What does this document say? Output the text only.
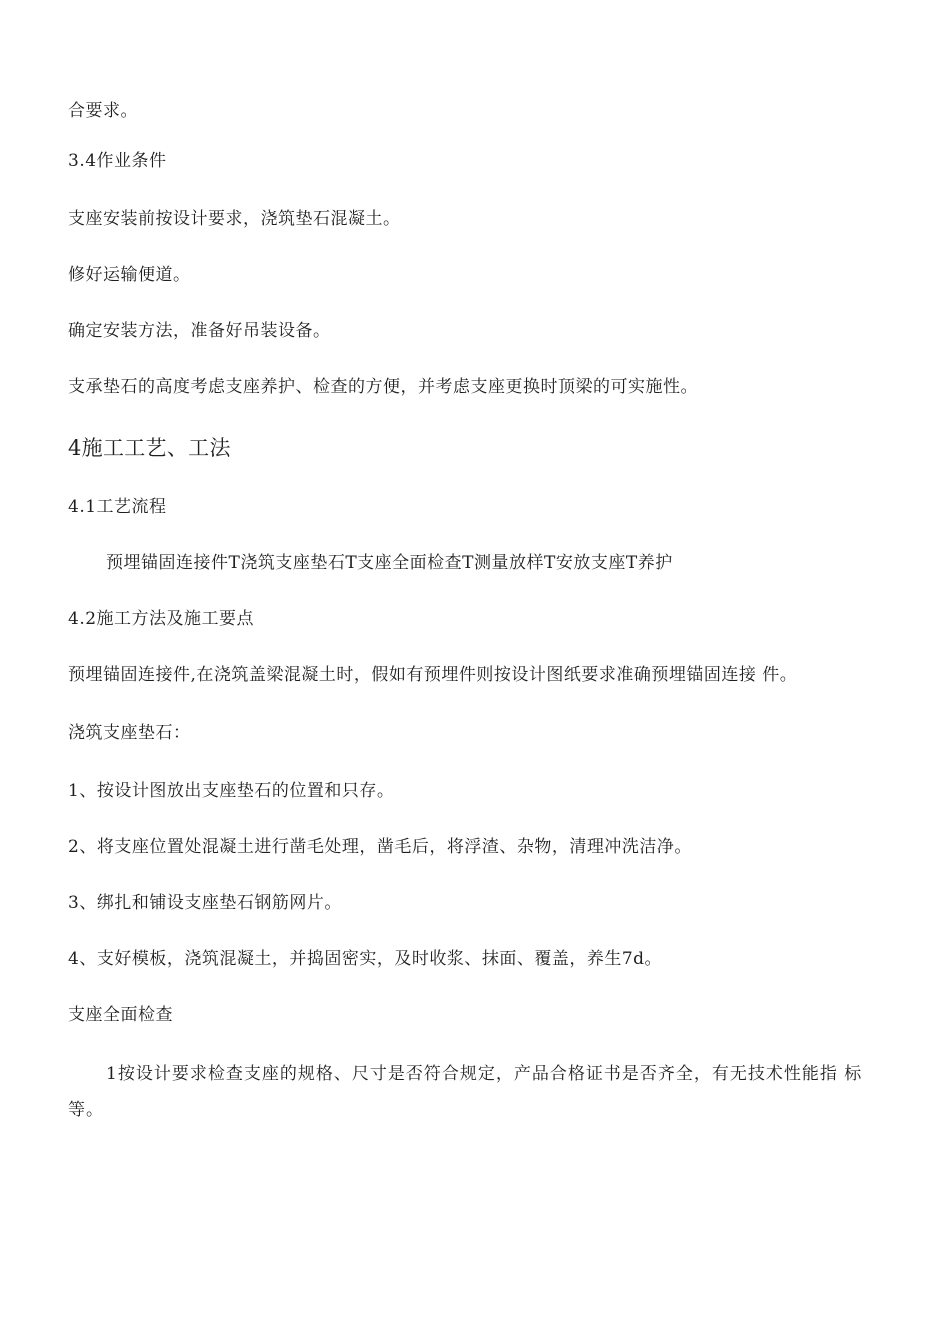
合要求。
3.4作业条件
支座安装前按设计要求，浇筑垫石混凝土。
修好运输便道。
确定安装方法，准备好吊装设备。
支承垫石的高度考虑支座养护、检查的方便，并考虑支座更换时顶梁的可实施性。
4施工工艺、工法
4.1工艺流程
预埋锚固连接件T浇筑支座垫石T支座全面检查T测量放样T安放支座T养护
4.2施工方法及施工要点
预埋锚固连接件,在浇筑盖梁混凝土时，假如有预埋件则按设计图纸要求准确预埋锚固连接 件。
浇筑支座垫石：
1、按设计图放出支座垫石的位置和只存。
2、将支座位置处混凝土进行凿毛处理，凿毛后，将浮渣、杂物，清理冲洗洁净。
3、绑扎和铺设支座垫石钢筋网片。
4、支好模板，浇筑混凝土，并捣固密实，及时收浆、抹面、覆盖，养生7d。
支座全面检查
1按设计要求检查支座的规格、尺寸是否符合规定，产品合格证书是否齐全，有无技术性能指 标等。
